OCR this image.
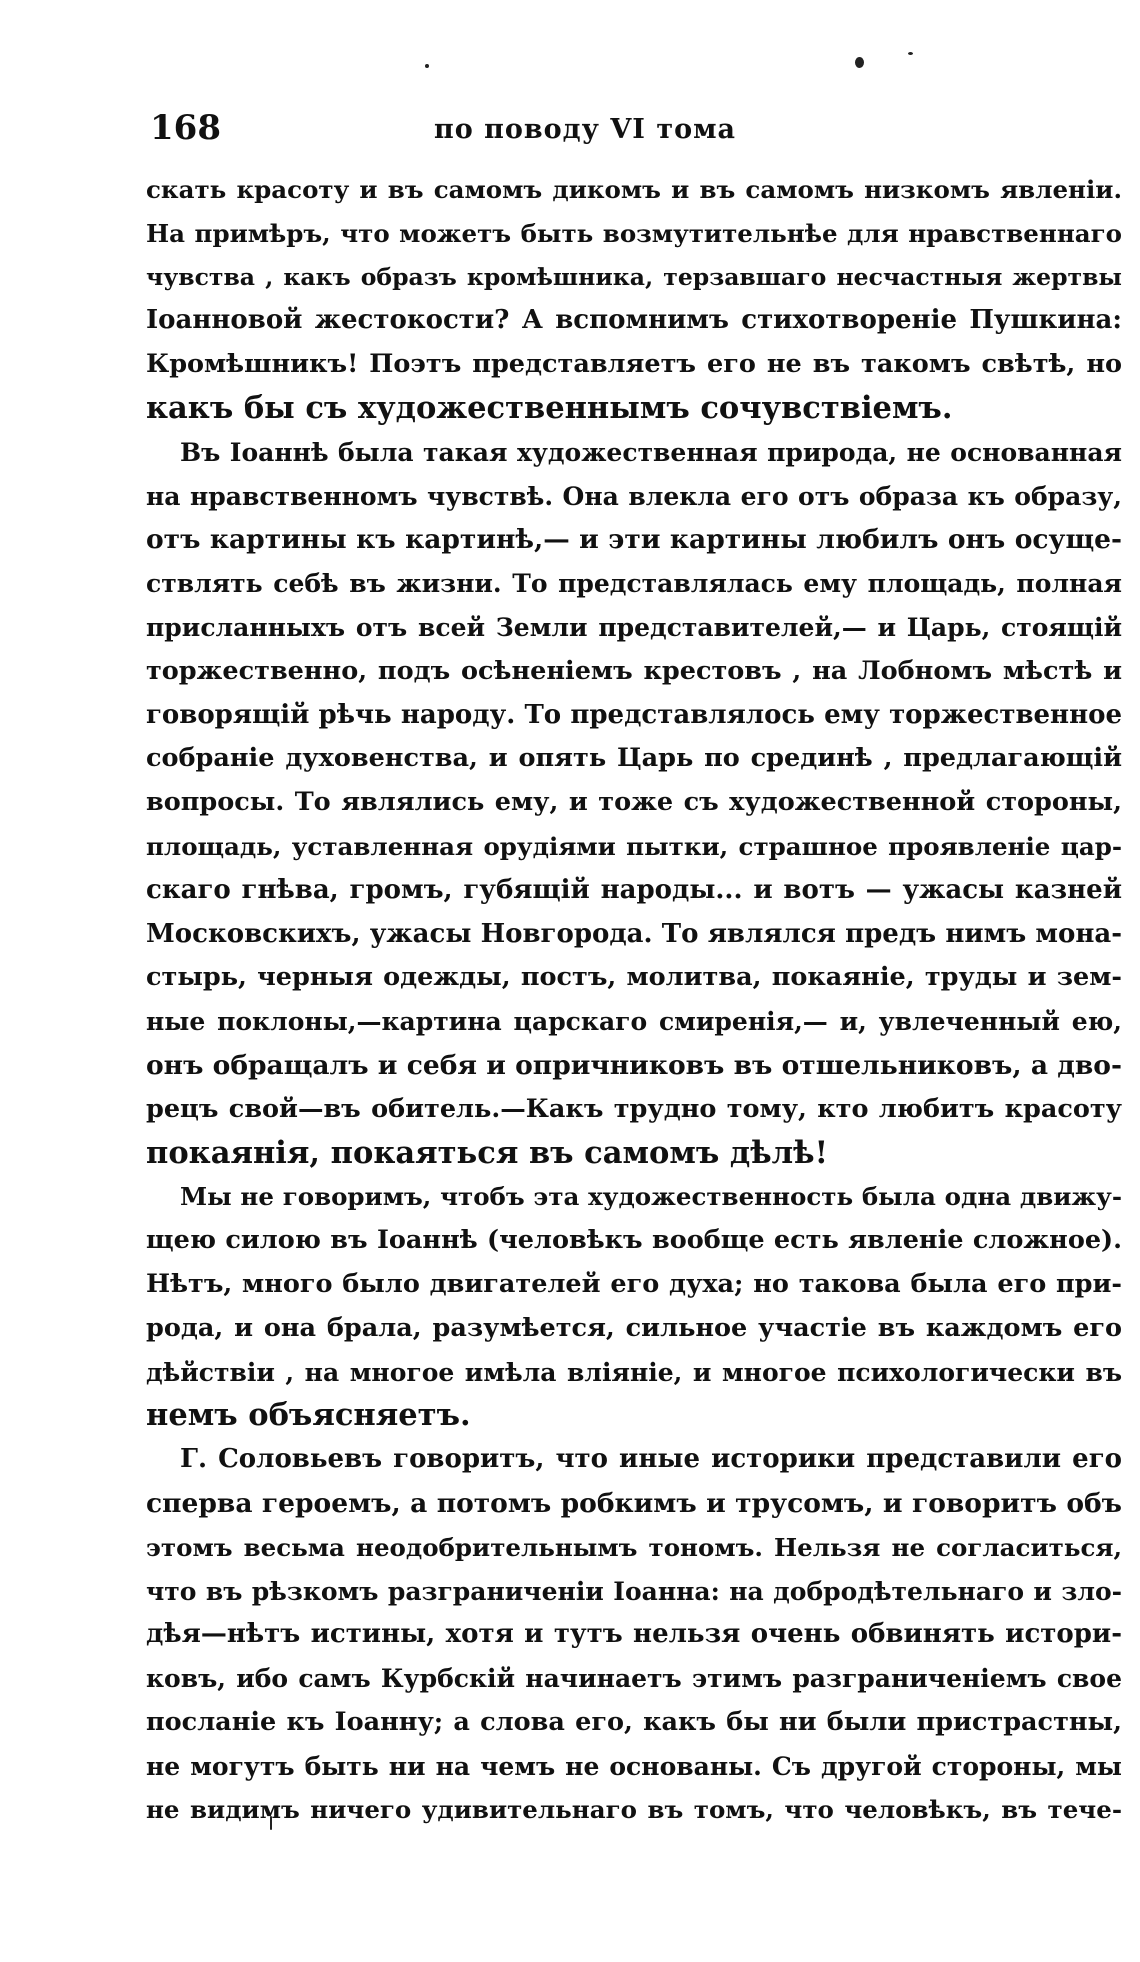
168	по поводу VI тома
скать красоту и въ самомъ дикомъ и въ самомъ низкомъ явленіи.
На примѣръ, что можетъ быть возмутительнѣе для нравственнаго
чувства , какъ образъ кромѣшника, терзавшаго несчастныя жертвы
Іоанновой жестокости? А вспомнимъ стихотвореніе Пушкина:
Кромѣшникъ! Поэтъ представляетъ его не въ такомъ свѣтѣ, но
какъ бы съ художественнымъ сочувствіемъ.
Въ Іоаннѣ была такая художественная природа, не основанная
на нравственномъ чувствѣ. Она влекла его отъ образа къ образу,
отъ картины къ картинѣ,— и эти картины любилъ онъ осуще-
ствлять себѣ въ жизни. То представлялась ему площадь, полная
присланныхъ отъ всей Земли представителей,— и Царь, стоящій
торжественно, подъ осѣненіемъ крестовъ , на Лобномъ мѣстѣ и
говорящій рѣчь народу. То представлялось ему торжественное
собраніе духовенства, и опять Царь по срединѣ , предлагающій
вопросы. То являлись ему, и тоже съ художественной стороны,
площадь, уставленная орудіями пытки, страшное проявленіе цар-
скаго гнѣва, громъ, губящій народы... и вотъ — ужасы казней
Московскихъ, ужасы Новгорода. То являлся предъ нимъ мона-
стырь, черныя одежды, постъ, молитва, покаяніе, труды и зем-
ные поклоны,—картина царскаго смиренія,— и, увлеченный ею,
онъ обращалъ и себя и опричниковъ въ отшельниковъ, а дво-
рецъ свой—въ обитель.—Какъ трудно тому, кто любитъ красоту
покаянія, покаяться въ самомъ дѣлѣ!
Мы не говоримъ, чтобъ эта художественность была одна движу-
щею силою въ Іоаннѣ (человѣкъ вообще есть явленіе сложное).
Нѣтъ, много было двигателей его духа; но такова была его при-
рода, и она брала, разумѣется, сильное участіе въ каждомъ его
дѣйствіи , на многое имѣла вліяніе, и многое психологически въ
немъ объясняетъ.
Г. Соловьевъ говоритъ, что иные историки представили его
сперва героемъ, а потомъ робкимъ и трусомъ, и говоритъ объ
этомъ весьма неодобрительнымъ тономъ. Нельзя не согласиться,
что въ рѣзкомъ разграниченіи Іоанна: на добродѣтельнаго и зло-
дѣя—нѣтъ истины, хотя и тутъ нельзя очень обвинять истори-
ковъ, ибо самъ Курбскій начинаетъ этимъ разграниченіемъ свое
посланіе къ Іоанну; а слова его, какъ бы ни были пристрастны,
не могутъ быть ни на чемъ не основаны. Съ другой стороны, мы
не видимъ ничего удивительнаго въ томъ, что человѣкъ, въ тече-
